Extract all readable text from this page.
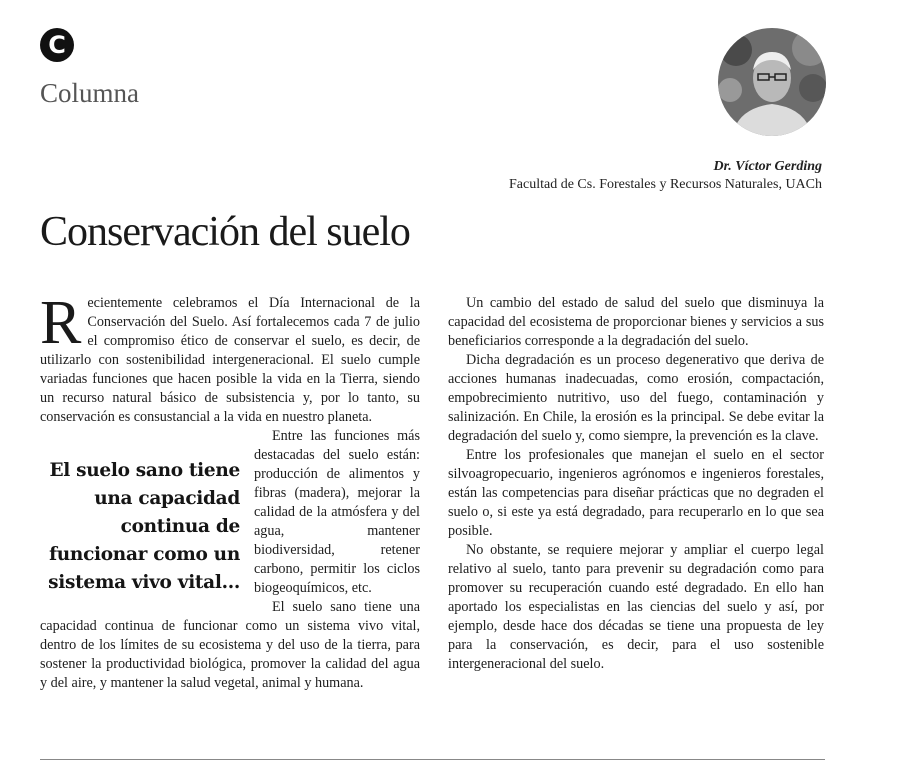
C
Columna
Dr. Víctor Gerding
Facultad de Cs. Forestales y Recursos Naturales, UACh
Conservación del suelo

Recientemente celebramos el Día Internacional de la Conservación del Suelo. Así fortalecemos cada 7 de julio el compromiso ético de conservar el suelo, es decir, de utilizarlo con sostenibilidad intergeneracional. El suelo cumple variadas funciones que hacen posible la vida en la Tierra, siendo un recurso natural básico de subsistencia y, por lo tanto, su conservación es consustancial a la vida en nuestro planeta.

El suelo sano tiene una capacidad continua de funcionar como un sistema vivo vital...

Entre las funciones más destacadas del suelo están: producción de alimentos y fibras (madera), mejorar la calidad de la atmósfera y del agua, mantener biodiversidad, retener carbono, permitir los ciclos biogeoquímicos, etc.

El suelo sano tiene una capacidad continua de funcionar como un sistema vivo vital, dentro de los límites de su ecosistema y del uso de la tierra, para sostener la productividad biológica, promover la calidad del agua y del aire, y mantener la salud vegetal, animal y humana.

Un cambio del estado de salud del suelo que disminuya la capacidad del ecosistema de proporcionar bienes y servicios a sus beneficiarios corresponde a la degradación del suelo.

Dicha degradación es un proceso degenerativo que deriva de acciones humanas inadecuadas, como erosión, compactación, empobrecimiento nutritivo, uso del fuego, contaminación y salinización. En Chile, la erosión es la principal. Se debe evitar la degradación del suelo y, como siempre, la prevención es la clave.

Entre los profesionales que manejan el suelo en el sector silvoagropecuario, ingenieros agrónomos e ingenieros forestales, están las competencias para diseñar prácticas que no degraden el suelo o, si este ya está degradado, para recuperarlo en lo que sea posible.

No obstante, se requiere mejorar y ampliar el cuerpo legal relativo al suelo, tanto para prevenir su degradación como para promover su recuperación cuando esté degradado. En ello han aportado los especialistas en las ciencias del suelo y así, por ejemplo, desde hace dos décadas se tiene una propuesta de ley para la conservación, es decir, para el uso sostenible intergeneracional del suelo.
